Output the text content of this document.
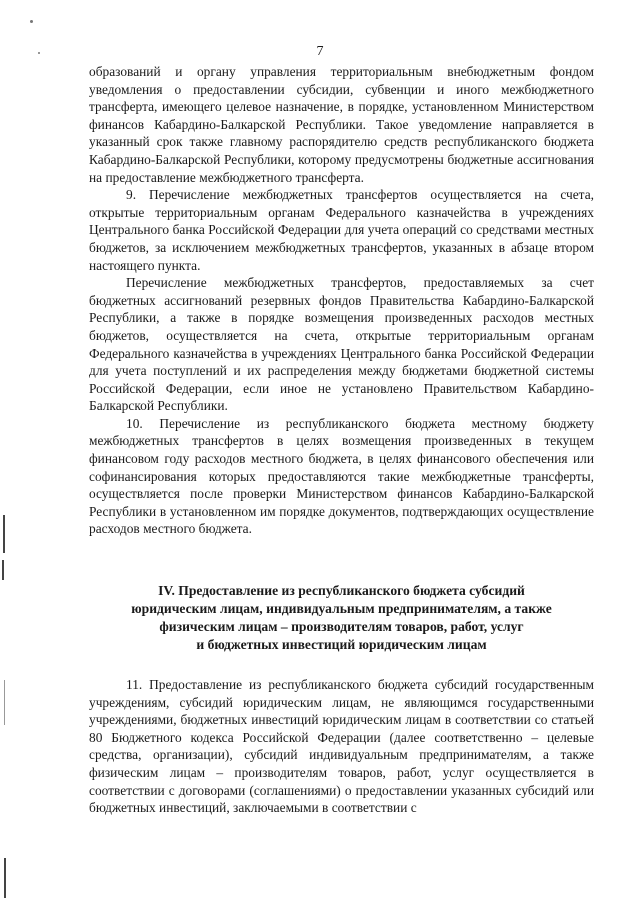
7

образований и органу управления территориальным внебюджетным фондом уведомления о предоставлении субсидии, субвенции и иного межбюджетного трансферта, имеющего целевое назначение, в порядке, установленном Министерством финансов Кабардино-Балкарской Республики. Такое уведомление направляется в указанный срок также главному распорядителю средств республиканского бюджета Кабардино-Балкарской Республики, которому предусмотрены бюджетные ассигнования на предоставление межбюджетного трансферта.

9. Перечисление межбюджетных трансфертов осуществляется на счета, открытые территориальным органам Федерального казначейства в учреждениях Центрального банка Российской Федерации для учета операций со средствами местных бюджетов, за исключением межбюджетных трансфертов, указанных в абзаце втором настоящего пункта.

Перечисление межбюджетных трансфертов, предоставляемых за счет бюджетных ассигнований резервных фондов Правительства Кабардино-Балкарской Республики, а также в порядке возмещения произведенных расходов местных бюджетов, осуществляется на счета, открытые территориальным органам Федерального казначейства в учреждениях Центрального банка Российской Федерации для учета поступлений и их распределения между бюджетами бюджетной системы Российской Федерации, если иное не установлено Правительством Кабардино-Балкарской Республики.

10. Перечисление из республиканского бюджета местному бюджету межбюджетных трансфертов в целях возмещения произведенных в текущем финансовом году расходов местного бюджета, в целях финансового обеспечения или софинансирования которых предоставляются такие межбюджетные трансферты, осуществляется после проверки Министерством финансов Кабардино-Балкарской Республики в установленном им порядке документов, подтверждающих осуществление расходов местного бюджета.

IV. Предоставление из республиканского бюджета субсидий
юридическим лицам, индивидуальным предпринимателям, а также
физическим лицам – производителям товаров, работ, услуг
и бюджетных инвестиций юридическим лицам

11. Предоставление из республиканского бюджета субсидий государственным учреждениям, субсидий юридическим лицам, не являющимся государственными учреждениями, бюджетных инвестиций юридическим лицам в соответствии со статьей 80 Бюджетного кодекса Российской Федерации (далее соответственно – целевые средства, организации), субсидий индивидуальным предпринимателям, а также физическим лицам – производителям товаров, работ, услуг осуществляется в соответствии с договорами (соглашениями) о предоставлении указанных субсидий или бюджетных инвестиций, заключаемыми в соответствии с
